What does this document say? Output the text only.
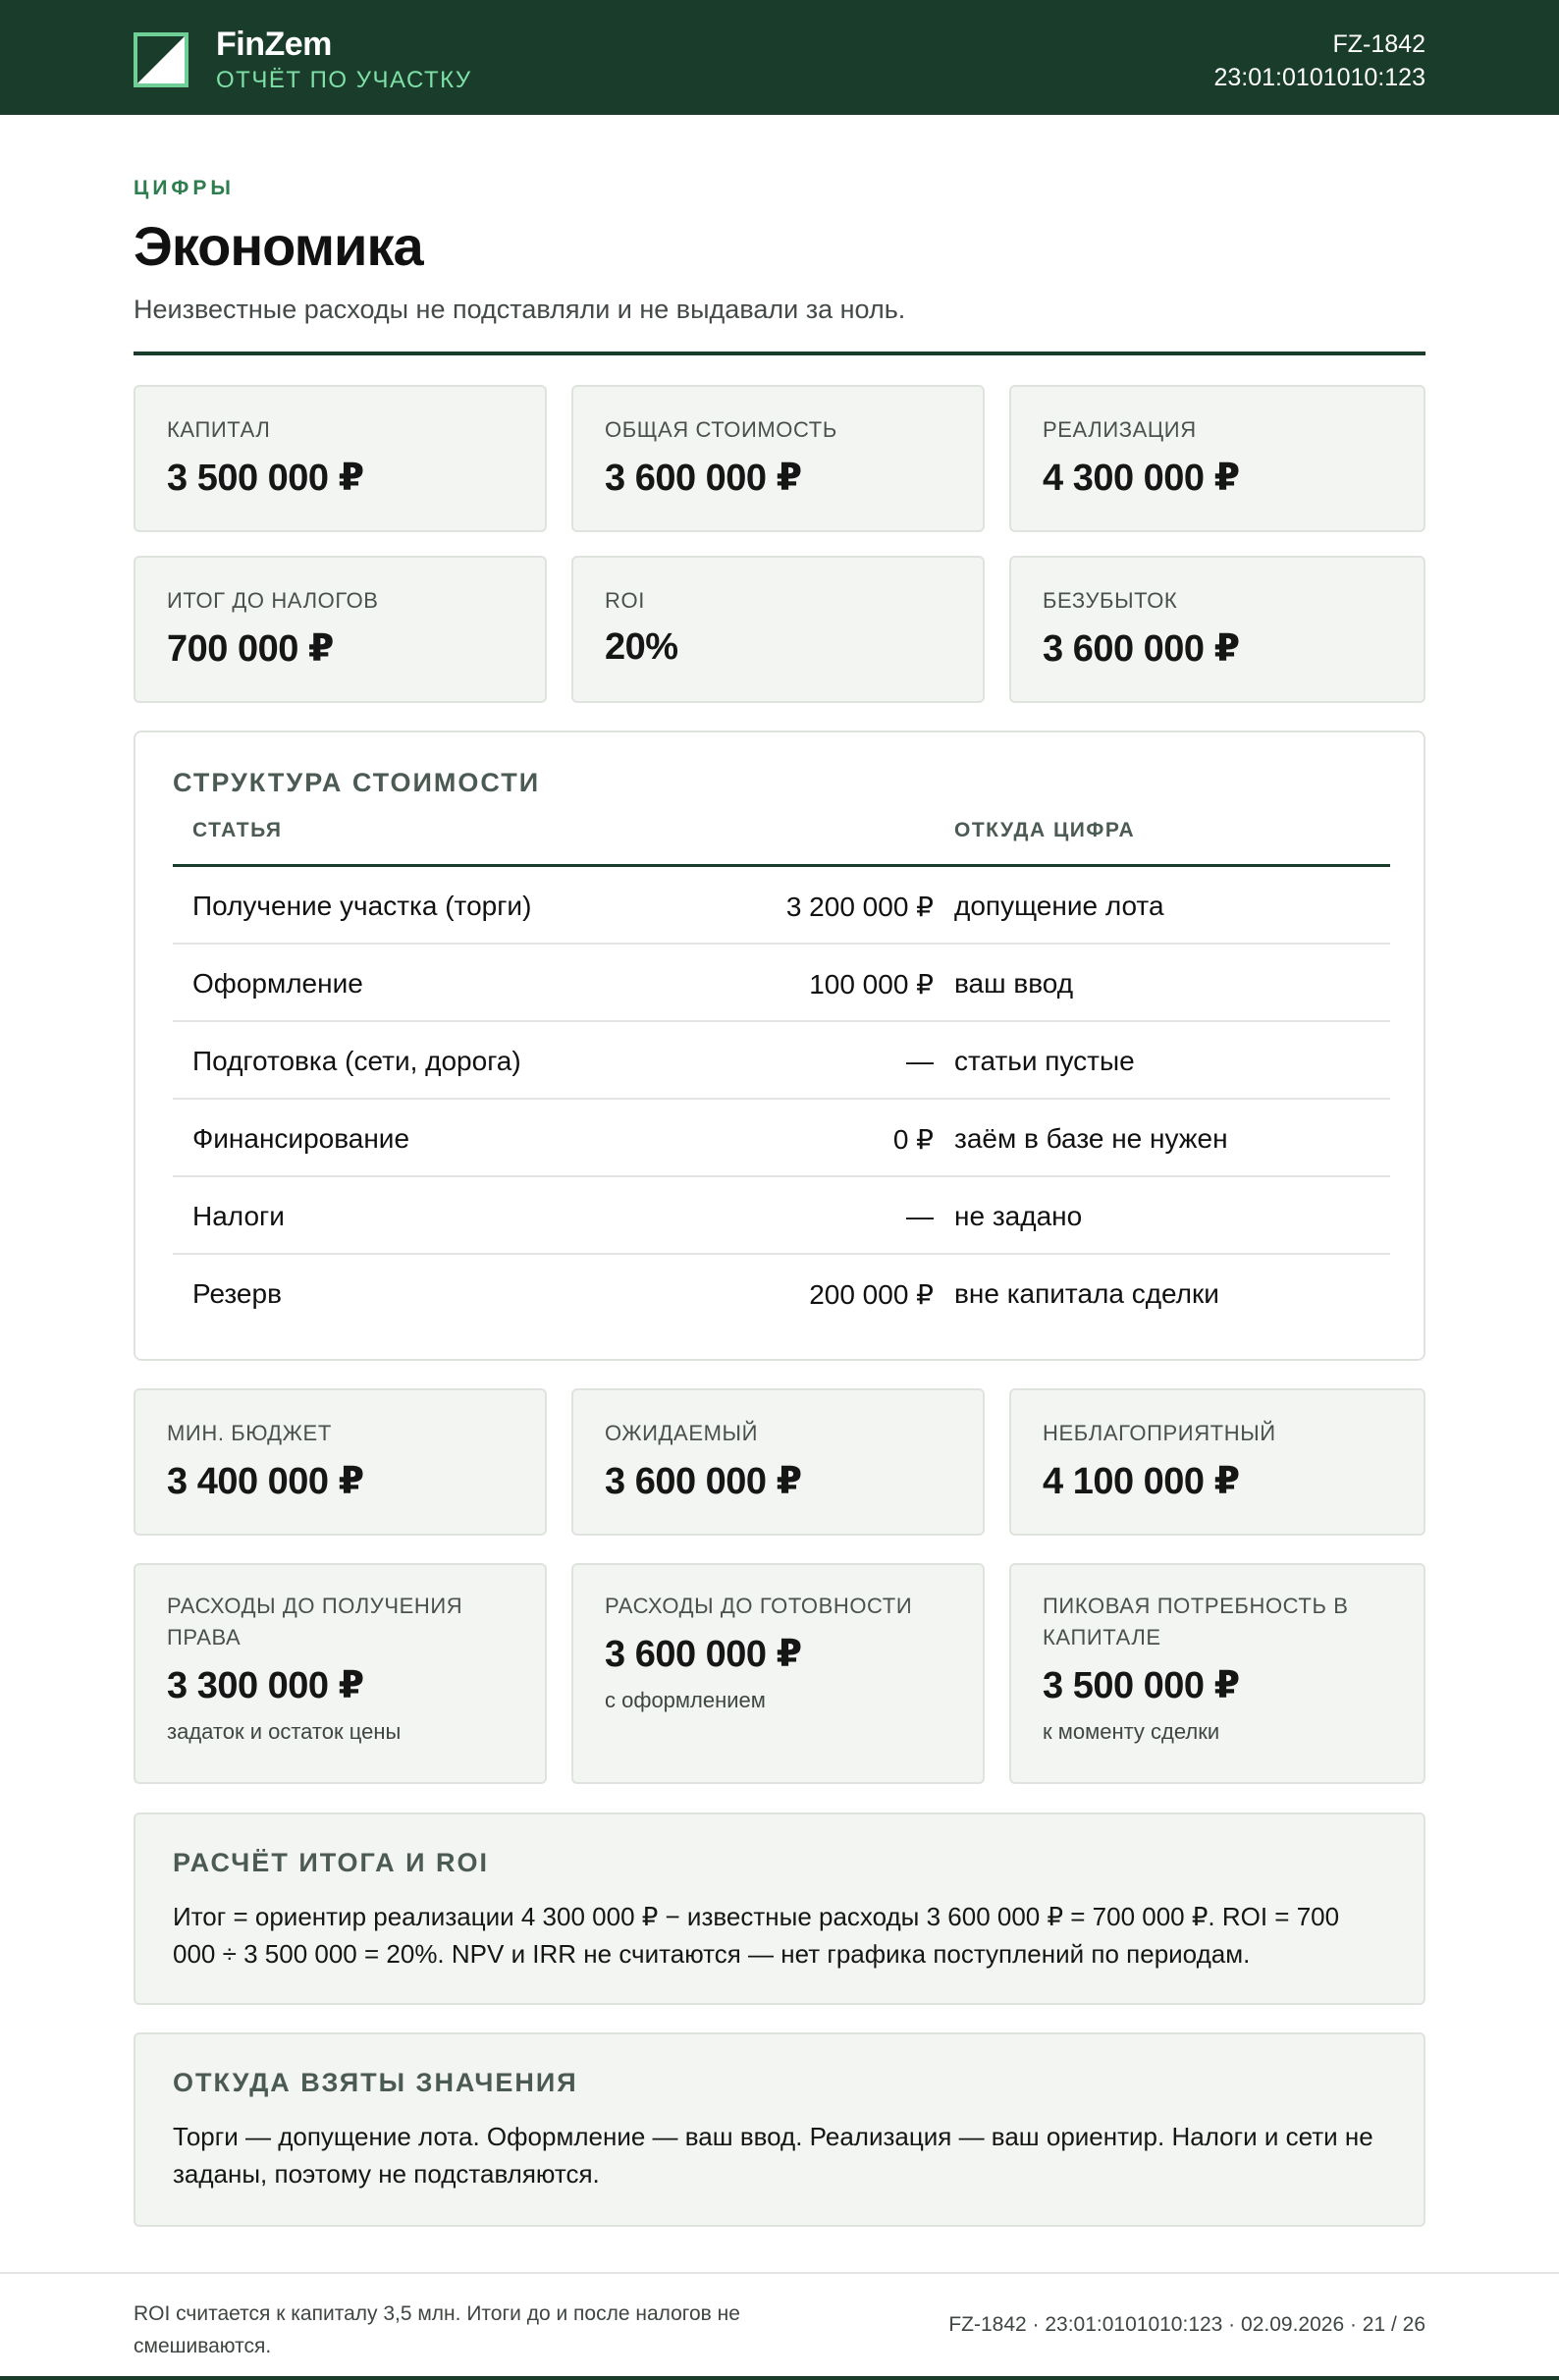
FinZem
ОТЧЁТ ПО УЧАСТКУ
FZ-1842
23:01:0101010:123
ЦИФРЫ
Экономика
Неизвестные расходы не подставляли и не выдавали за ноль.
КАПИТАЛ
3 500 000 ₽
ОБЩАЯ СТОИМОСТЬ
3 600 000 ₽
РЕАЛИЗАЦИЯ
4 300 000 ₽
ИТОГ ДО НАЛОГОВ
700 000 ₽
ROI
20%
БЕЗУБЫТОК
3 600 000 ₽
СТРУКТУРА СТОИМОСТИ
СТАТЬЯ	ОТКУДА ЦИФРА
Получение участка (торги)	3 200 000 ₽ допущение лота
Оформление	100 000 ₽ ваш ввод
Подготовка (сети, дорога)	— статьи пустые
Финансирование	0 ₽ заём в базе не нужен
Налоги	— не задано
Резерв	200 000 ₽ вне капитала сделки
МИН. БЮДЖЕТ
3 400 000 ₽
ОЖИДАЕМЫЙ
3 600 000 ₽
НЕБЛАГОПРИЯТНЫЙ
4 100 000 ₽
РАСХОДЫ ДО ПОЛУЧЕНИЯ ПРАВА
3 300 000 ₽
задаток и остаток цены
РАСХОДЫ ДО ГОТОВНОСТИ
3 600 000 ₽
с оформлением
ПИКОВАЯ ПОТРЕБНОСТЬ В КАПИТАЛЕ
3 500 000 ₽
к моменту сделки
РАСЧЁТ ИТОГА И ROI
Итог = ориентир реализации 4 300 000 ₽ − известные расходы 3 600 000 ₽ = 700 000 ₽. ROI = 700 000 ÷ 3 500 000 = 20%. NPV и IRR не считаются — нет графика поступлений по периодам.
ОТКУДА ВЗЯТЫ ЗНАЧЕНИЯ
Торги — допущение лота. Оформление — ваш ввод. Реализация — ваш ориентир. Налоги и сети не заданы, поэтому не подставляются.
ROI считается к капиталу 3,5 млн. Итоги до и после налогов не смешиваются.
FZ-1842 · 23:01:0101010:123 · 02.09.2026 · 21 / 26
